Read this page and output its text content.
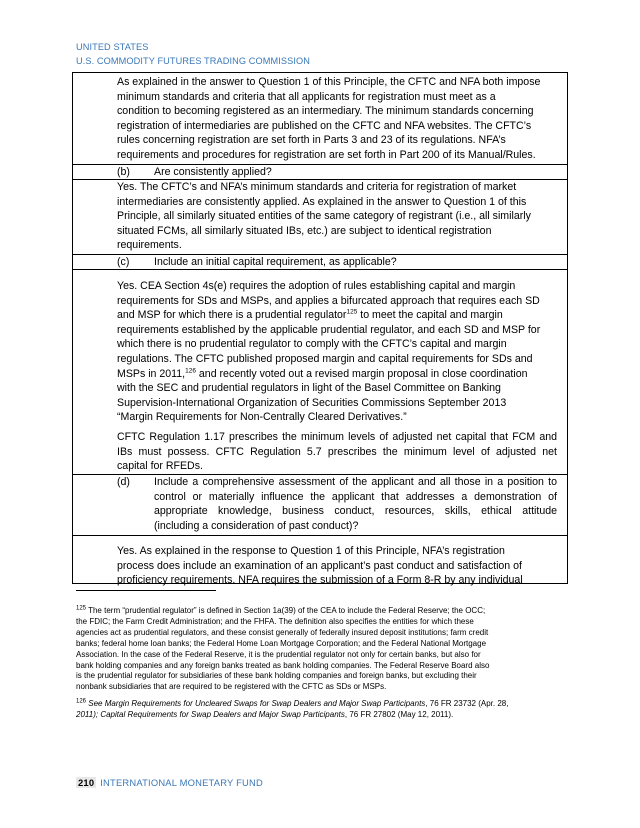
UNITED STATES
U.S. COMMODITY FUTURES TRADING COMMISSION
As explained in the answer to Question 1 of this Principle, the CFTC and NFA both impose
minimum standards and criteria that all applicants for registration must meet as a
condition to becoming registered as an intermediary. The minimum standards concerning
registration of intermediaries are published on the CFTC and NFA websites. The CFTC’s
rules concerning registration are set forth in Parts 3 and 23 of its regulations. NFA’s
requirements and procedures for registration are set forth in Part 200 of its Manual/Rules.
(b) Are consistently applied?
Yes. The CFTC’s and NFA’s minimum standards and criteria for registration of market
intermediaries are consistently applied. As explained in the answer to Question 1 of this
Principle, all similarly situated entities of the same category of registrant (i.e., all similarly
situated FCMs, all similarly situated IBs, etc.) are subject to identical registration
requirements.
(c) Include an initial capital requirement, as applicable?
Yes. CEA Section 4s(e) requires the adoption of rules establishing capital and margin
requirements for SDs and MSPs, and applies a bifurcated approach that requires each SD
and MSP for which there is a prudential regulator$^{125}$ to meet the capital and margin
requirements established by the applicable prudential regulator, and each SD and MSP for
which there is no prudential regulator to comply with the CFTC’s capital and margin
regulations. The CFTC published proposed margin and capital requirements for SDs and
MSPs in 2011,$^{126}$ and recently voted out a revised margin proposal in close coordination
with the SEC and prudential regulators in light of the Basel Committee on Banking
Supervision-International Organization of Securities Commissions September 2013
“Margin Requirements for Non-Centrally Cleared Derivatives.”
CFTC Regulation 1.17 prescribes the minimum levels of adjusted net capital that FCM and
IBs must possess. CFTC Regulation 5.7 prescribes the minimum level of adjusted net
capital for RFEDs.
(d) Include a comprehensive assessment of the applicant and all those in a position to
control or materially influence the applicant that addresses a demonstration of
appropriate knowledge, business conduct, resources, skills, ethical attitude
(including a consideration of past conduct)?
Yes. As explained in the response to Question 1 of this Principle, NFA’s registration
process does include an examination of an applicant’s past conduct and satisfaction of
proficiency requirements. NFA requires the submission of a Form 8-R by any individual
$^{125}$ The term “prudential regulator” is defined in Section 1a(39) of the CEA to include the Federal Reserve; the OCC;
the FDIC; the Farm Credit Administration; and the FHFA. The definition also specifies the entities for which these
agencies act as prudential regulators, and these consist generally of federally insured deposit institutions; farm credit
banks; federal home loan banks; the Federal Home Loan Mortgage Corporation; and the Federal National Mortgage
Association. In the case of the Federal Reserve, it is the prudential regulator not only for certain banks, but also for
bank holding companies and any foreign banks treated as bank holding companies. The Federal Reserve Board also
is the prudential regulator for subsidiaries of these bank holding companies and foreign banks, but excluding their
nonbank subsidiaries that are required to be registered with the CFTC as SDs or MSPs.
$^{126}$ See Margin Requirements for Uncleared Swaps for Swap Dealers and Major Swap Participants, 76 FR 23732 (Apr. 28,
2011); Capital Requirements for Swap Dealers and Major Swap Participants, 76 FR 27802 (May 12, 2011).
210 INTERNATIONAL MONETARY FUND
